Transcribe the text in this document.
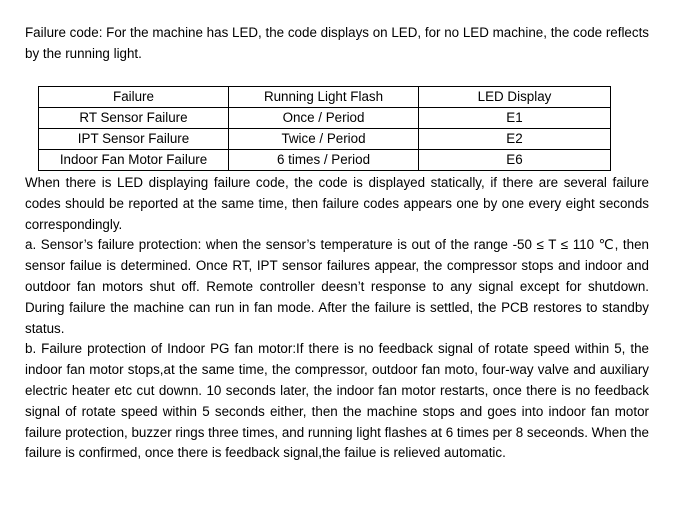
Failure code: For the machine has LED, the code displays on LED, for no LED machine, the code reflects by the running light.

Failure	Running Light Flash	LED Display
RT Sensor Failure	Once / Period	E1
IPT Sensor Failure	Twice / Period	E2
Indoor Fan Motor Failure	6 times / Period	E6
When there is LED displaying failure code, the code is displayed statically, if there are several failure codes should be reported at the same time, then failure codes appears one by one every eight seconds correspondingly.
a. Sensor’s failure protection: when the sensor’s temperature is out of the range -50 ≤ T ≤ 110 ℃, then sensor failue is determined. Once RT, IPT sensor failures appear, the compressor stops and indoor and outdoor fan motors shut off. Remote controller deesn’t response to any signal except for shutdown. During failure the machine can run in fan mode. After the failure is settled, the PCB restores to standby status.
b. Failure protection of Indoor PG fan motor:If there is no feedback signal of rotate speed within 5, the indoor fan motor stops,at the same time, the compressor, outdoor fan moto, four-way valve and auxiliary electric heater etc cut downn. 10 seconds later, the indoor fan motor restarts, once there is no feedback signal of rotate speed within 5 seconds either, then the machine stops and goes into indoor fan motor failure protection, buzzer rings three times, and running light flashes at 6 times per 8 seceonds. When the failure is confirmed, once there is feedback signal,the failue is relieved automatic.
